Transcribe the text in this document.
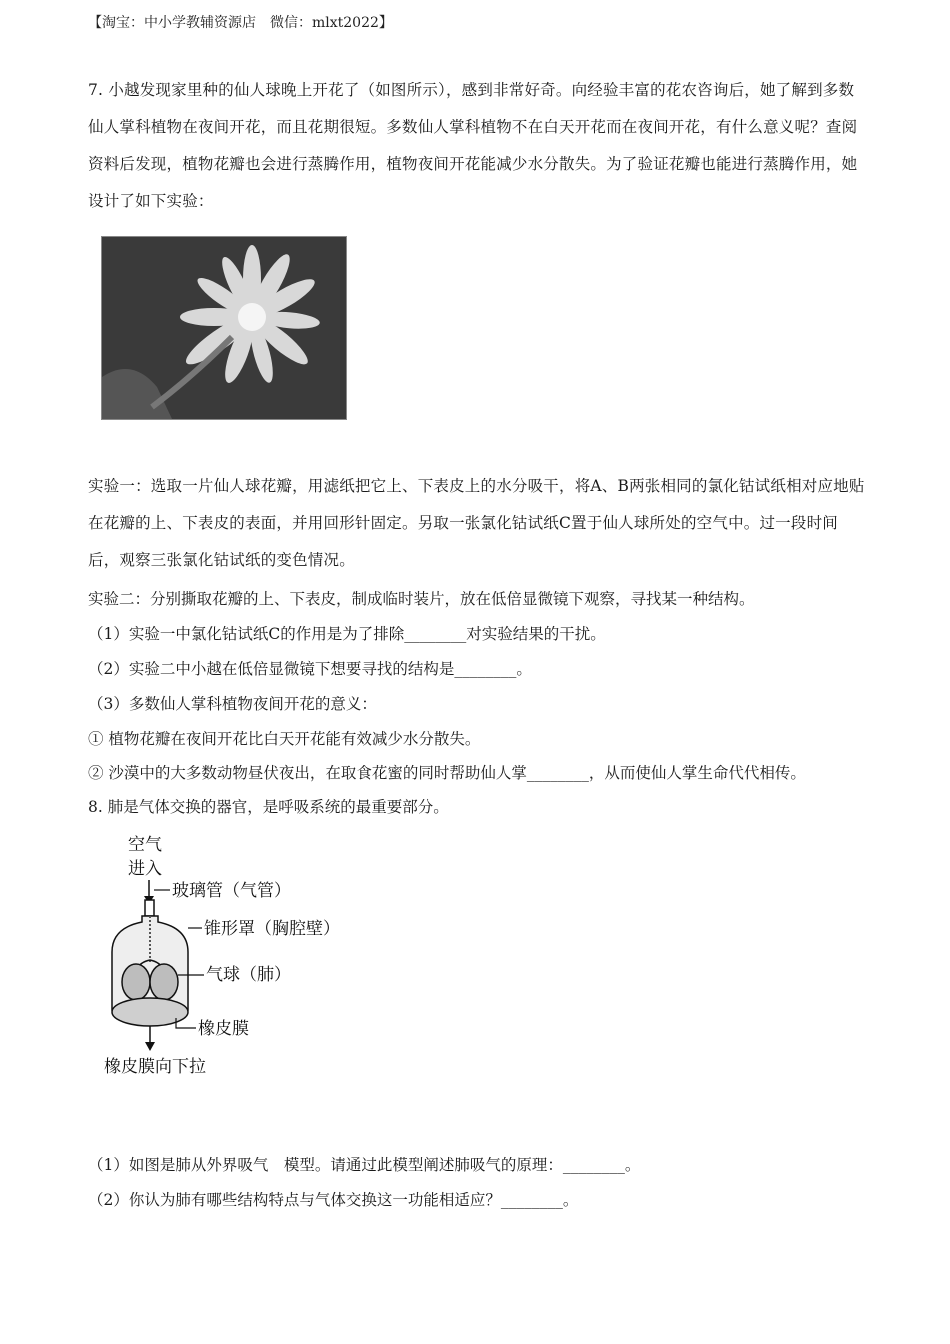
【淘宝：中小学教辅资源店　微信：mlxt2022】
7. 小越发现家里种的仙人球晚上开花了（如图所示），感到非常好奇。向经验丰富的花农咨询后，她了解到多数仙人掌科植物在夜间开花，而且花期很短。多数仙人掌科植物不在白天开花而在夜间开花，有什么意义呢？查阅资料后发现，植物花瓣也会进行蒸腾作用，植物夜间开花能减少水分散失。为了验证花瓣也能进行蒸腾作用，她设计了如下实验：
实验一：选取一片仙人球花瓣，用滤纸把它上、下表皮上的水分吸干，将A、B两张相同的氯化钴试纸相对应地贴在花瓣的上、下表皮的表面，并用回形针固定。另取一张氯化钴试纸C置于仙人球所处的空气中。过一段时间后，观察三张氯化钴试纸的变色情况。
实验二：分别撕取花瓣的上、下表皮，制成临时装片，放在低倍显微镜下观察，寻找某一种结构。
（1）实验一中氯化钴试纸C的作用是为了排除________对实验结果的干扰。
（2）实验二中小越在低倍显微镜下想要寻找的结构是________。
（3）多数仙人掌科植物夜间开花的意义：
① 植物花瓣在夜间开花比白天开花能有效减少水分散失。
② 沙漠中的大多数动物昼伏夜出，在取食花蜜的同时帮助仙人掌________，从而使仙人掌生命代代相传。
8. 肺是气体交换的器官，是呼吸系统的最重要部分。
空气
进入
玻璃管（气管）
锥形罩（胸腔壁）
气球（肺）
橡皮膜
橡皮膜向下拉
（1）如图是肺从外界吸气　模型。请通过此模型阐述肺吸气的原理：________。
（2）你认为肺有哪些结构特点与气体交换这一功能相适应？________。
